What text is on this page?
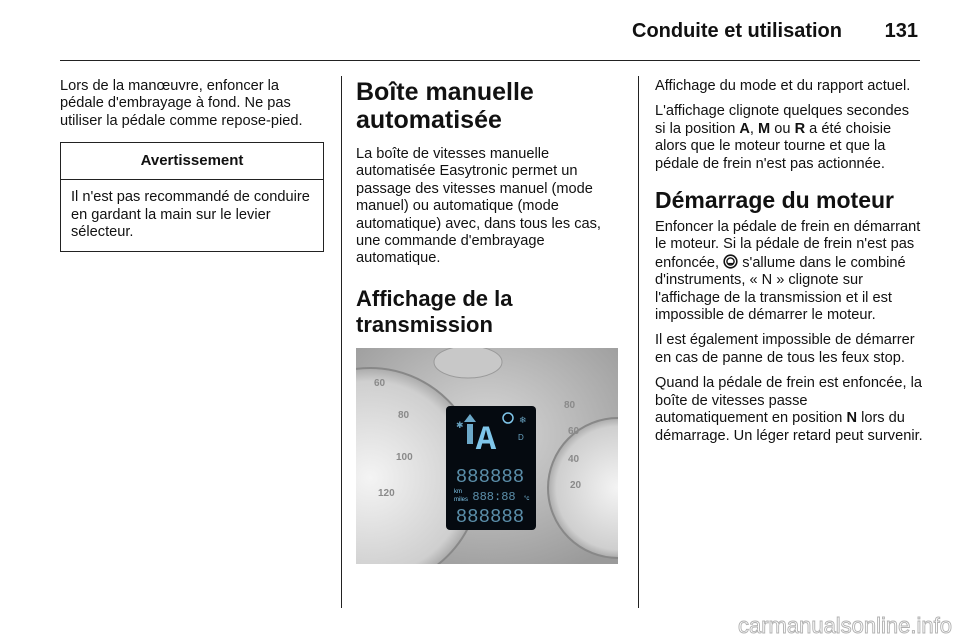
Conduite et utilisation 131

Lors de la manœuvre, enfoncer la pédale d'embrayage à fond. Ne pas utiliser la pédale comme repose-pied.

Avertissement
Il n'est pas recommandé de conduire en gardant la main sur le levier sélecteur.
Boîte manuelle automatisée

La boîte de vitesses manuelle automatisée Easytronic permet un passage des vitesses manuel (mode manuel) ou automatique (mode automatique) avec, dans tous les cas, une commande d'embrayage automatique.

Affichage de la transmission
60
80
100
120
80
60
40
20
A
✱	❄
D
888888
km
miles 888:88 °c
888888

Affichage du mode et du rapport actuel.

L'affichage clignote quelques secondes si la position A, M ou R a été choisie alors que le moteur tourne et que la pédale de frein n'est pas actionnée.

Démarrage du moteur

Enfoncer la pédale de frein en démarrant le moteur. Si la pédale de frein n'est pas enfoncée, s'allume dans le combiné d'instruments, « N » clignote sur l'affichage de la transmission et il est impossible de démarrer le moteur.

Il est également impossible de démarrer en cas de panne de tous les feux stop.

Quand la pédale de frein est enfoncée, la boîte de vitesses passe automatiquement en position N lors du démarrage. Un léger retard peut survenir.

carmanualsonline.info
